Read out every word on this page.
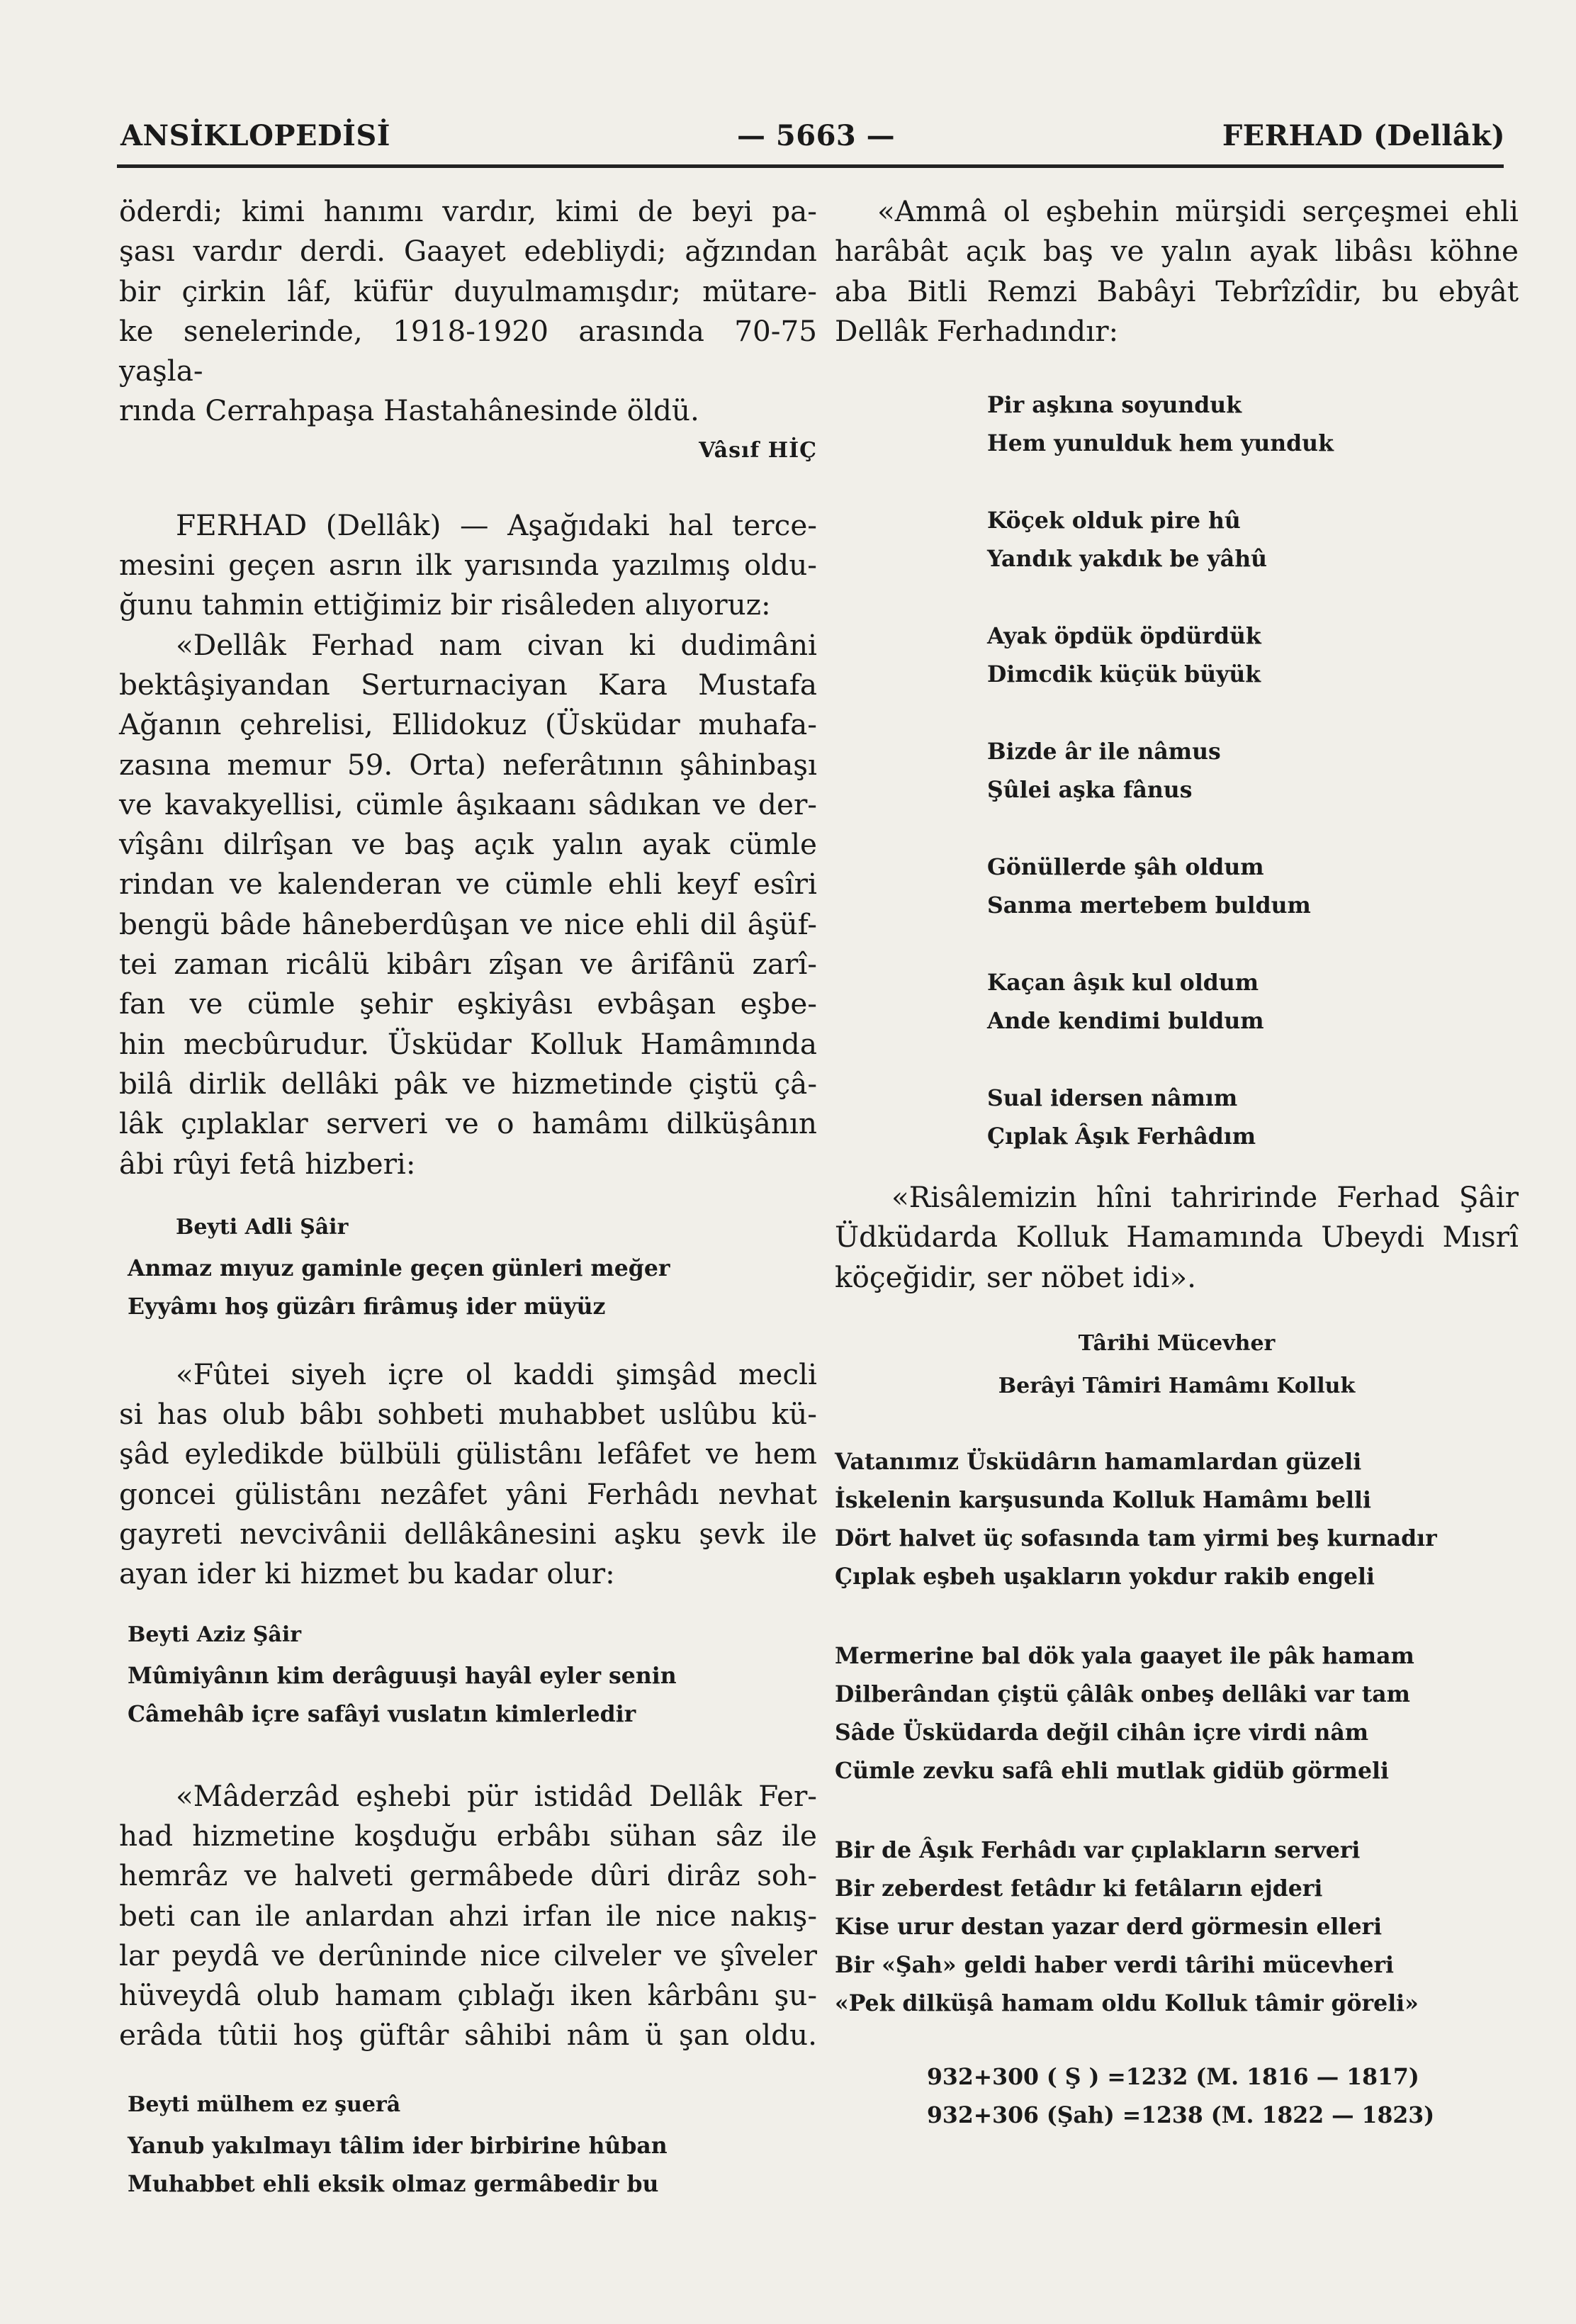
ANSİKLOPEDİSİ	— 5663 —	FERHAD (Dellâk)
öderdi; kimi hanımı vardır, kimi de beyi pa-
şası vardır derdi. Gaayet edebliydi; ağzından
bir çirkin lâf, küfür duyulmamışdır; mütare-
ke senelerinde, 1918-1920 arasında 70-75 yaşla-
rında Cerrahpaşa Hastahânesinde öldü.
Vâsıf HİÇ
FERHAD (Dellâk) — Aşağıdaki hal terce-
mesini geçen asrın ilk yarısında yazılmış oldu-
ğunu tahmin ettiğimiz bir risâleden alıyoruz:
«Dellâk Ferhad nam civan ki dudimâni
bektâşiyandan Serturnaciyan Kara Mustafa
Ağanın çehrelisi, Ellidokuz (Üsküdar muhafa-
zasına memur 59. Orta) neferâtının şâhinbaşı
ve kavakyellisi, cümle âşıkaanı sâdıkan ve der-
vîşânı dilrîşan ve baş açık yalın ayak cümle
rindan ve kalenderan ve cümle ehli keyf esîri
bengü bâde hâneberdûşan ve nice ehli dil âşüf-
tei zaman ricâlü kibârı zîşan ve ârifânü zarî-
fan ve cümle şehir eşkiyâsı evbâşan eşbe-
hin mecbûrudur. Üsküdar Kolluk Hamâmında
bilâ dirlik dellâki pâk ve hizmetinde çiştü çâ-
lâk çıplaklar serveri ve o hamâmı dilküşânın
âbi rûyi fetâ hizberi:

Beyti Adli Şâir

Anmaz mıyuz gaminle geçen günleri meğer

Eyyâmı hoş güzârı firâmuş ider müyüz

«Fûtei siyeh içre ol kaddi şimşâd mecli
si has olub bâbı sohbeti muhabbet uslûbu kü-
şâd eyledikde bülbüli gülistânı lefâfet ve hem
goncei gülistânı nezâfet yâni Ferhâdı nevhat
gayreti nevcivânii dellâkânesini aşku şevk ile
ayan ider ki hizmet bu kadar olur:

Beyti Aziz Şâir

Mûmiyânın kim derâguuşi hayâl eyler senin

Câmehâb içre safâyi vuslatın kimlerledir

«Mâderzâd eşhebi pür istidâd Dellâk Fer-
had hizmetine koşduğu erbâbı sühan sâz ile
hemrâz ve halveti germâbede dûri dirâz soh-
beti can ile anlardan ahzi irfan ile nice nakış-
lar peydâ ve derûninde nice cilveler ve şîveler
hüveydâ olub hamam çıblağı iken kârbânı şu-
erâda tûtii hoş güftâr sâhibi nâm ü şan oldu.

Beyti mülhem ez şuerâ

Yanub yakılmayı tâlim ider birbirine hûban

Muhabbet ehli eksik olmaz germâbedir bu

«Ammâ ol eşbehin mürşidi serçeşmei ehli
harâbât açık baş ve yalın ayak libâsı köhne
aba Bitli Remzi Babâyi Tebrîzîdir, bu ebyât
Dellâk Ferhadındır:

Pir aşkına soyunduk

Hem yunulduk hem yunduk

Köçek olduk pire hû

Yandık yakdık be yâhû

Ayak öpdük öpdürdük

Dimcdik küçük büyük

Bizde âr ile nâmus

Şûlei aşka fânus

Gönüllerde şâh oldum

Sanma mertebem buldum

Kaçan âşık kul oldum

Ande kendimi buldum

Sual idersen nâmım

Çıplak Âşık Ferhâdım

«Risâlemizin hîni tahririnde Ferhad Şâir
Üdküdarda Kolluk Hamamında Ubeydi Mısrî
köçeğidir, ser nöbet idi».

Târihi Mücevher

Berâyi Tâmiri Hamâmı Kolluk

Vatanımız Üsküdârın hamamlardan güzeli

İskelenin karşusunda Kolluk Hamâmı belli

Dört halvet üç sofasında tam yirmi beş kurnadır

Çıplak eşbeh uşakların yokdur rakib engeli

Mermerine bal dök yala gaayet ile pâk hamam

Dilberândan çiştü çâlâk onbeş dellâki var tam

Sâde Üsküdarda değil cihân içre virdi nâm

Cümle zevku safâ ehli mutlak gidüb görmeli

Bir de Âşık Ferhâdı var çıplakların serveri

Bir zeberdest fetâdır ki fetâların ejderi

Kise urur destan yazar derd görmesin elleri

Bir «Şah» geldi haber verdi târihi mücevheri

«Pek dilküşâ hamam oldu Kolluk tâmir göreli»

932+300 ( Ş ) =1232 (M. 1816 — 1817)

932+306 (Şah) =1238 (M. 1822 — 1823)
